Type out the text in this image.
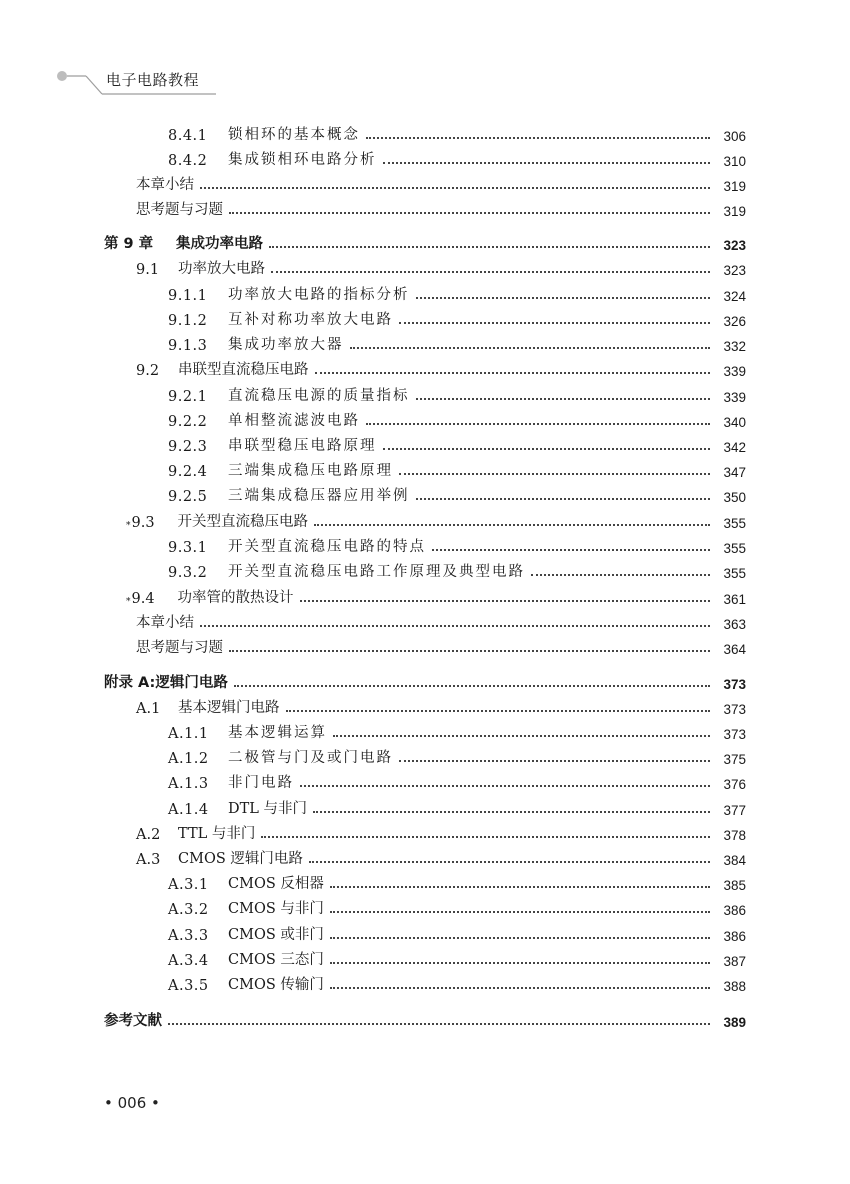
电子电路教程
8.4.1	锁相环的基本概念	306
8.4.2	集成锁相环电路分析	310
本章小结	319
思考题与习题	319
第 9 章	集成功率电路	323
9.1	功率放大电路	323
9.1.1	功率放大电路的指标分析	324
9.1.2	互补对称功率放大电路	326
9.1.3	集成功率放大器	332
9.2	串联型直流稳压电路	339
9.2.1	直流稳压电源的质量指标	339
9.2.2	单相整流滤波电路	340
9.2.3	串联型稳压电路原理	342
9.2.4	三端集成稳压电路原理	347
9.2.5	三端集成稳压器应用举例	350
* 9.3	开关型直流稳压电路	355
9.3.1	开关型直流稳压电路的特点	355
9.3.2	开关型直流稳压电路工作原理及典型电路	355
* 9.4	功率管的散热设计	361
本章小结	363
思考题与习题	364
附录 A:逻辑门电路	373
A.1	基本逻辑门电路	373
A.1.1	基本逻辑运算	373
A.1.2	二极管与门及或门电路	375
A.1.3	非门电路	376
A.1.4	DTL 与非门	377
A.2	TTL 与非门	378
A.3	CMOS 逻辑门电路	384
A.3.1	CMOS 反相器	385
A.3.2	CMOS 与非门	386
A.3.3	CMOS 或非门	386
A.3.4	CMOS 三态门	387
A.3.5	CMOS 传输门	388
参考文献	389
• 006 •
